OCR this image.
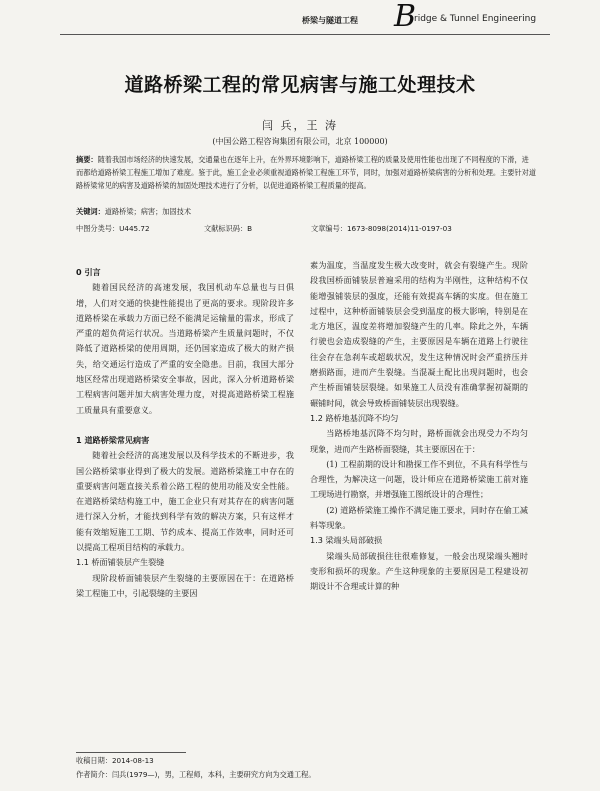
桥梁与隧道工程 B
ridge & Tunnel Engineering
道路桥梁工程的常见病害与施工处理技术
闫 兵，王 涛
(中国公路工程咨询集团有限公司，北京 100000)
摘要：随着我国市场经济的快速发展，交通量也在逐年上升，在外界环境影响下，道路桥梁工程的质量及使用性能也出现了不同程度的下滑，进而都给道路桥梁工程施工增加了难度。鉴于此，施工企业必须重视道路桥梁工程施工环节，同时，加强对道路桥梁病害的分析和处理。主要针对道路桥梁常见的病害及道路桥梁的加固处理技术进行了分析，以促进道路桥梁工程质量的提高。
关键词：道路桥梁；病害；加固技术
中图分类号：U445.72	文献标识码：B	文章编号：1673-8098(2014)11-0197-03
0 引言

随着国民经济的高速发展，我国机动车总量也与日俱增，人们对交通的快捷性能提出了更高的要求。现阶段许多道路桥梁在承载力方面已经不能满足运输量的需求，形成了严重的超负荷运行状况。当道路桥梁产生质量问题时，不仅降低了道路桥梁的使用周期，还仍国家造成了极大的财产损失，给交通运行造成了严重的安全隐患。目前，我国大部分地区经常出现道路桥梁安全事故，因此，深入分析道路桥梁工程病害问题并加大病害处理力度，对提高道路桥梁工程施工质量具有重要意义。

1 道路桥梁常见病害

随着社会经济的高速发展以及科学技术的不断进步，我国公路桥梁事业得到了极大的发展。道路桥梁施工中存在的重要病害问题直接关系着公路工程的使用功能及安全性能。在道路桥梁结构施工中，施工企业只有对其存在的病害问题进行深入分析，才能找到科学有效的解决方案，只有这样才能有效缩短施工工期、节约成本、提高工作效率，同时还可以提高工程项目结构的承载力。

1.1 桥面铺装层产生裂缝

现阶段桥面铺装层产生裂缝的主要原因在于：在道路桥梁工程施工中，引起裂缝的主要因

素为温度，当温度发生极大改变时，就会有裂缝产生。现阶段我国桥面铺装层普遍采用的结构为半刚性，这种结构不仅能增强铺装层的强度，还能有效提高车辆的实度。但在施工过程中，这种桥面铺装层会受到温度的极大影响，特别是在北方地区，温度差将增加裂缝产生的几率。除此之外，车辆行驶也会造成裂缝的产生，主要原因是车辆在道路上行驶往往会存在急刹车或超载状况，发生这种情况时会严重挤压并磨损路面，进而产生裂缝。当混凝土配比出现问题时，也会产生桥面铺装层裂缝。如果施工人员没有准确掌握初凝期的碾铺时间，就会导致桥面铺装层出现裂缝。

1.2 路桥地基沉降不均匀

当路桥地基沉降不均匀时，路桥面就会出现受力不均匀现象，进而产生路桥面裂缝，其主要原因在于：

(1) 工程前期的设计和勘探工作不到位，不具有科学性与合理性，为解决这一问题，设计师应在道路桥梁施工前对施工现场进行勘察，并增强施工图纸设计的合理性；

(2) 道路桥梁施工操作不满足施工要求，同时存在偷工减料等现象。

1.3 梁端头局部破损

梁端头局部破损往往很难修复，一般会出现梁端头翘时变形和损坏的现象。产生这种现象的主要原因是工程建设初期设计不合理或计算的种

收稿日期：2014-08-13
作者简介：闫兵(1979—)，男，工程师，本科，主要研究方向为交通工程。
